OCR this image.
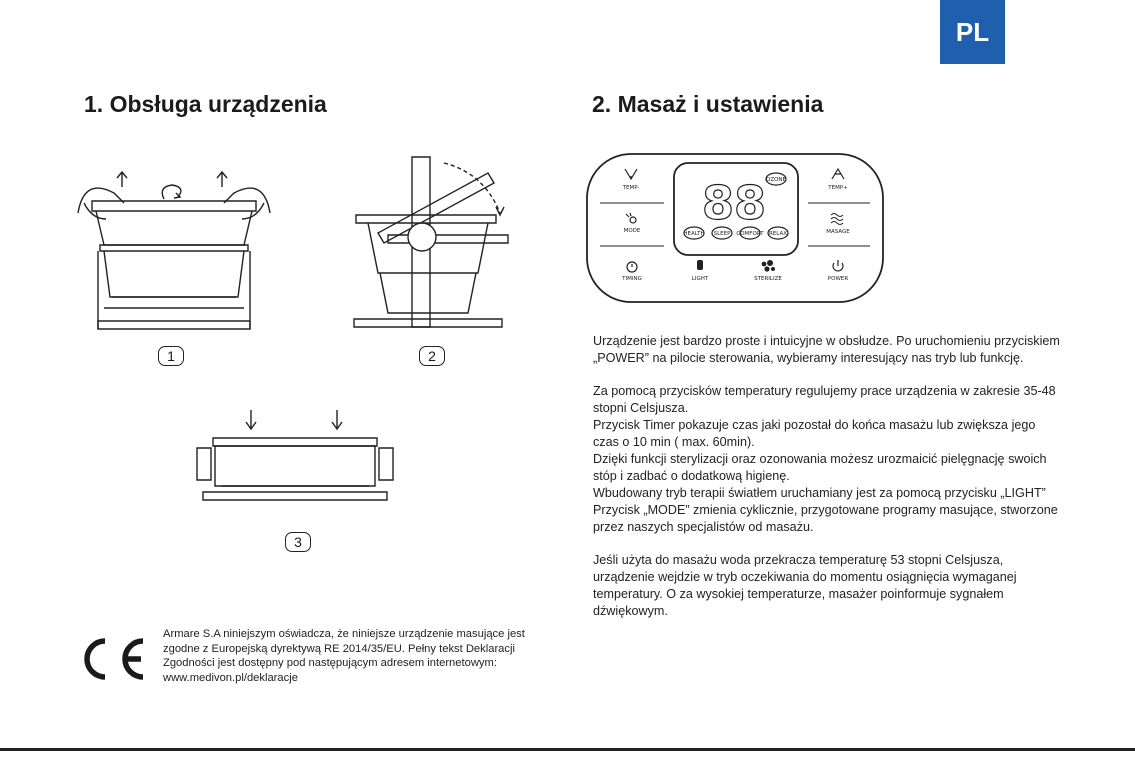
PL
1. Obsługa urządzenia	2. Masaż i ustawienia
1	2
3
88 OZONE
HEALTH SLEEP COMFORT RELAX
TEMP-
MODE
TIMING
TEMP+
MASAGE
POWER
LIGHT	STERILIZE

Urządzenie jest bardzo proste i intuicyjne w obsłudze. Po uruchomieniu przyciskiem „POWER” na pilocie sterowania, wybieramy interesujący nas tryb lub funkcję.

Za pomocą przycisków temperatury regulujemy prace urządzenia w zakresie 35-48 stopni Celsjusza.

Przycisk Timer pokazuje czas jaki pozostał do końca masażu lub zwiększa jego czas o 10 min ( max. 60min).

Dzięki funkcji sterylizacji oraz ozonowania możesz urozmaicić pielęgnację swoich stóp i zadbać o dodatkową higienę.

Wbudowany tryb terapii światłem uruchamiany jest za pomocą przycisku „LIGHT”

Przycisk „MODE” zmienia cyklicznie, przygotowane programy masujące, stworzone przez naszych specjalistów od masażu.

Jeśli użyta do masażu woda przekracza temperaturę 53 stopni Celsjusza, urządzenie wejdzie w tryb oczekiwania do momentu osiągnięcia wymaganej temperatury. O za wysokiej temperaturze, masażer poinformuje sygnałem dźwiękowym.

Armare S.A niniejszym oświadcza, że niniejsze urządzenie masujące jest zgodne z Europejską dyrektywą RE 2014/35/EU. Pełny tekst Deklaracji Zgodności jest dostępny pod następującym adresem internetowym: www.medivon.pl/deklaracje
